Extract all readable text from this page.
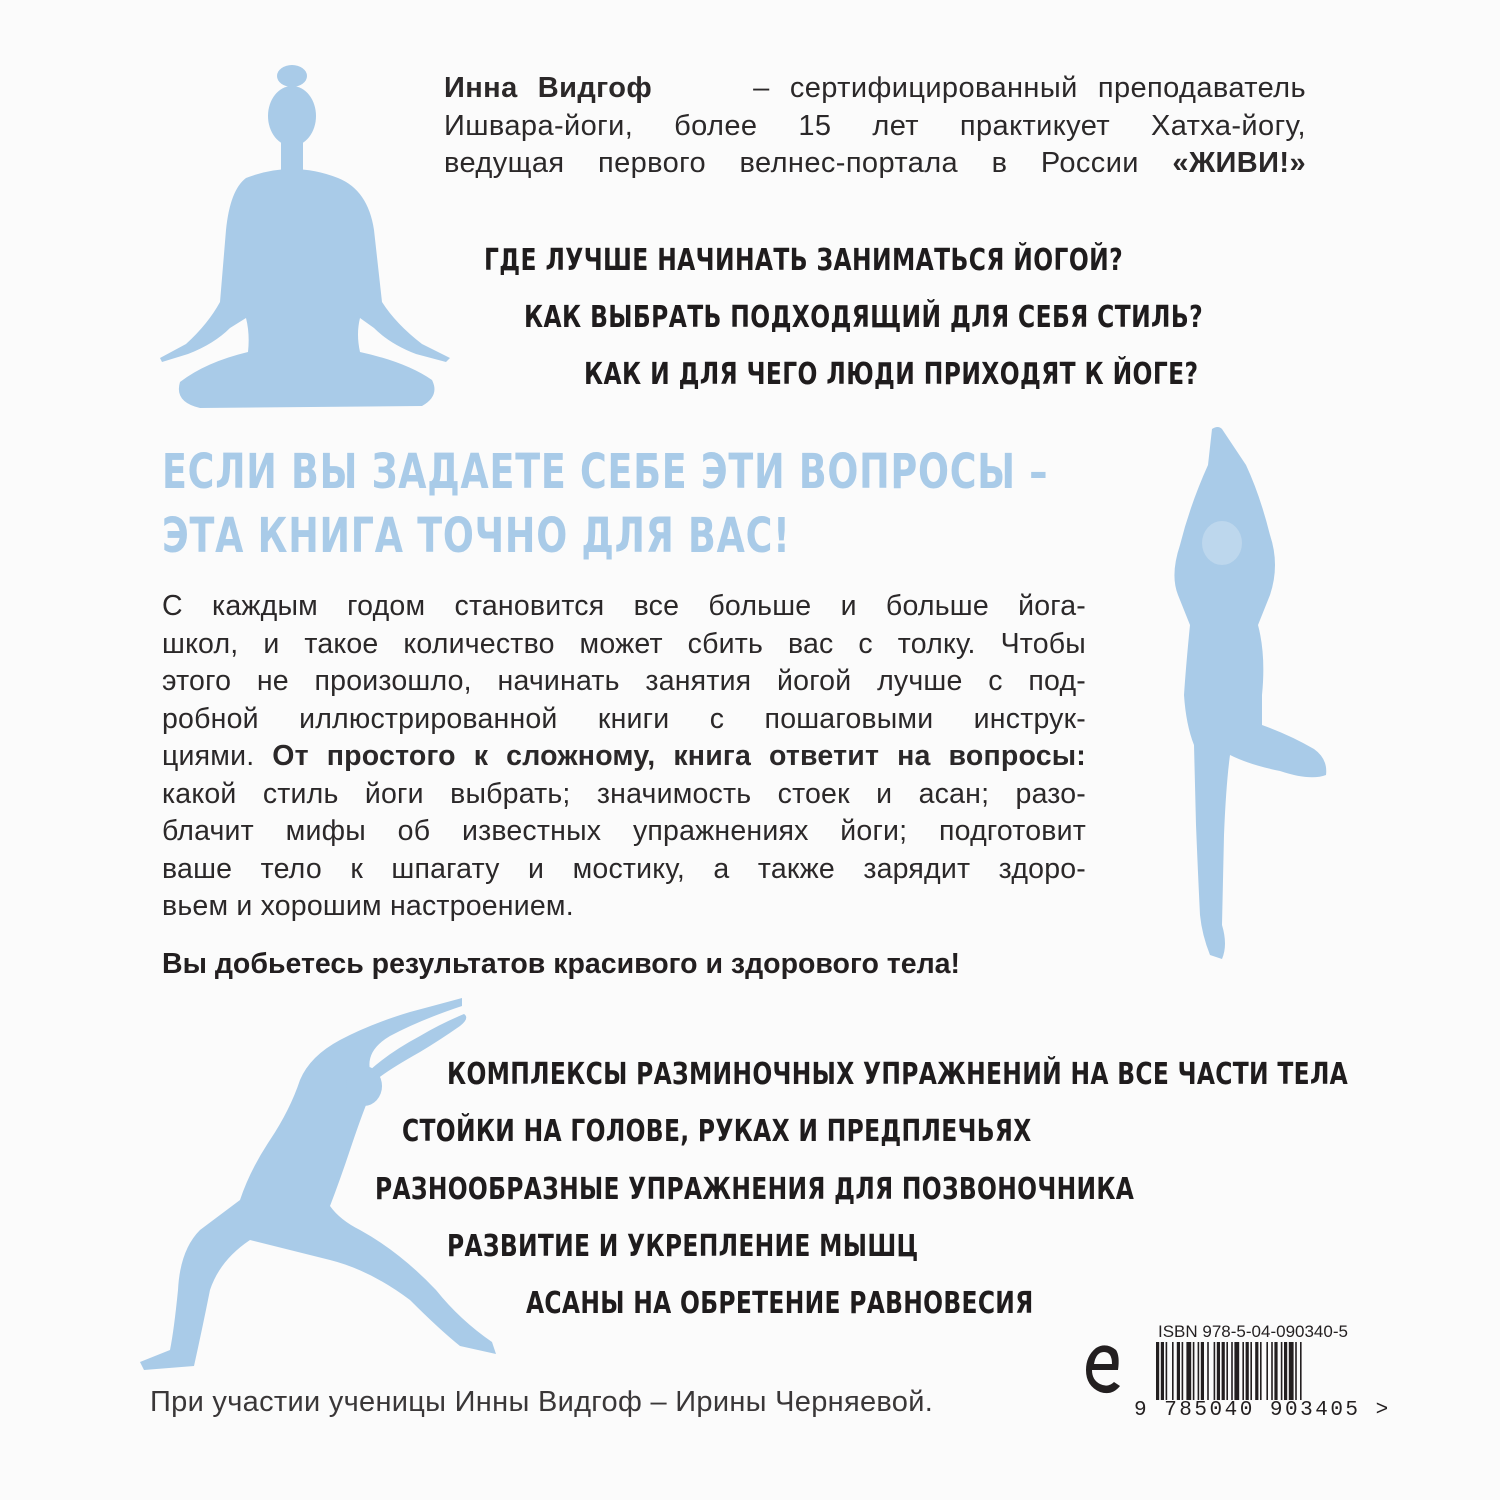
Инна Видгоф	– сертифицированный преподаватель
Ишвара-йоги, более 15 лет практикует Хатха-йогу,
ведущая первого велнес-портала в России «ЖИВИ!»
ГДЕ ЛУЧШЕ НАЧИНАТЬ ЗАНИМАТЬСЯ ЙОГОЙ?
КАК ВЫБРАТЬ ПОДХОДЯЩИЙ ДЛЯ СЕБЯ СТИЛЬ?
КАК И ДЛЯ ЧЕГО ЛЮДИ ПРИХОДЯТ К ЙОГЕ?
ЕСЛИ ВЫ ЗАДАЕТЕ СЕБЕ ЭТИ ВОПРОСЫ –
ЭТА КНИГА ТОЧНО ДЛЯ ВАС!
С каждым годом становится все больше и больше йога-
школ, и такое количество может сбить вас с толку. Чтобы
этого не произошло, начинать занятия йогой лучше с под-
робной иллюстрированной книги с пошаговыми инструк-
циями. От простого к сложному, книга ответит на вопросы:
какой стиль йоги выбрать; значимость стоек и асан; разо-
блачит мифы об известных упражнениях йоги; подготовит
ваше тело к шпагату и мостику, а также зарядит здоро-
вьем и хорошим настроением.
Вы добьетесь результатов красивого и здорового тела!
КОМПЛЕКСЫ РАЗМИНОЧНЫХ УПРАЖНЕНИЙ НА ВСЕ ЧАСТИ ТЕЛА
СТОЙКИ НА ГОЛОВЕ, РУКАХ И ПРЕДПЛЕЧЬЯХ
РАЗНООБРАЗНЫЕ УПРАЖНЕНИЯ ДЛЯ ПОЗВОНОЧНИКА
РАЗВИТИЕ И УКРЕПЛЕНИЕ МЫШЦ
АСАНЫ НА ОБРЕТЕНИЕ РАВНОВЕСИЯ
При участии ученицы Инны Видгоф – Ирины Черняевой.
ISBN 978-5-04-090340-5
9 785040 903405 >
